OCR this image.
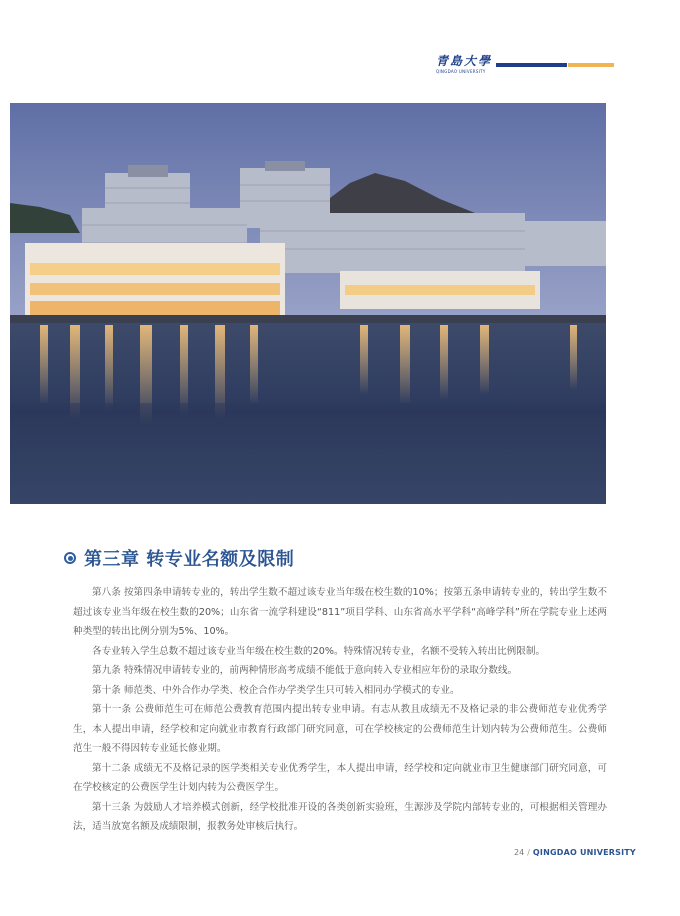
青島大學
QINGDAO UNIVERSITY
第三章 转专业名额及限制

第八条 按第四条申请转专业的，转出学生数不超过该专业当年级在校生数的10%；按第五条申请转专业的，转出学生数不超过该专业当年级在校生数的20%；山东省一流学科建设“811”项目学科、山东省高水平学科“高峰学科”所在学院专业上述两种类型的转出比例分别为5%、10%。

各专业转入学生总数不超过该专业当年级在校生数的20%。特殊情况转专业，名额不受转入转出比例限制。

第九条 特殊情况申请转专业的，前两种情形高考成绩不能低于意向转入专业相应年份的录取分数线。

第十条 师范类、中外合作办学类、校企合作办学类学生只可转入相同办学模式的专业。

第十一条 公费师范生可在师范公费教育范围内提出转专业申请。有志从教且成绩无不及格记录的非公费师范专业优秀学生，本人提出申请，经学校和定向就业市教育行政部门研究同意，可在学校核定的公费师范生计划内转为公费师范生。公费师范生一般不得因转专业延长修业期。

第十二条 成绩无不及格记录的医学类相关专业优秀学生，本人提出申请，经学校和定向就业市卫生健康部门研究同意，可在学校核定的公费医学生计划内转为公费医学生。

第十三条 为鼓励人才培养模式创新，经学校批准开设的各类创新实验班，生源涉及学院内部转专业的，可根据相关管理办法，适当放宽名额及成绩限制，报教务处审核后执行。

24 / QINGDAO UNIVERSITY
